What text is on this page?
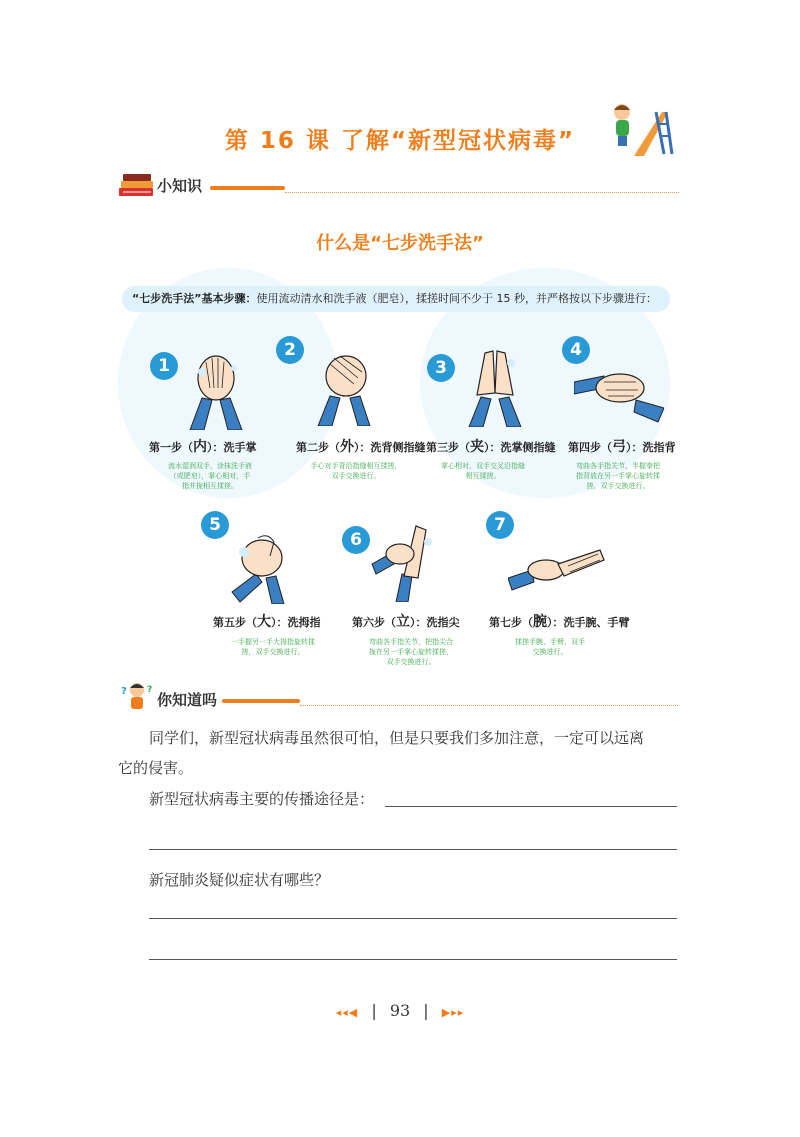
第 16 课 了解“新型冠状病毒”
小知识
什么是“七步洗手法”
“七步洗手法”基本步骤：使用流动清水和洗手液（肥皂），揉搓时间不少于 15 秒，并严格按以下步骤进行：
1
第一步（内）：洗手掌
流水湿润双手，涂抹洗手液
（或肥皂），掌心相对，手
指并拢相互揉搓。
2
第二步（外）：洗背侧指缝
手心对手背沿指缝相互揉搓，
双手交换进行。
3
第三步（夹）：洗掌侧指缝
掌心相对，双手交叉沿指缝
相互揉搓。
4
第四步（弓）：洗指背
弯曲各手指关节，半握拳把
指背放在另一手掌心旋转揉
搓，双手交换进行。
5
第五步（大）：洗拇指
一手握另一手大拇指旋转揉
搓，双手交换进行。
6
第六步（立）：洗指尖
弯曲各手指关节，把指尖合
拢在另一手掌心旋转揉搓，
双手交换进行。
7
第七步（腕）：洗手腕、手臂
揉搓手腕、手臂，双手
交换进行。
? ?
你知道吗
同学们，新型冠状病毒虽然很可怕，但是只要我们多加注意，一定可以远离
它的侵害。
新型冠状病毒主要的传播途径是：
新冠肺炎疑似症状有哪些？
◂◂◀ | 93 | ▶▸▸
